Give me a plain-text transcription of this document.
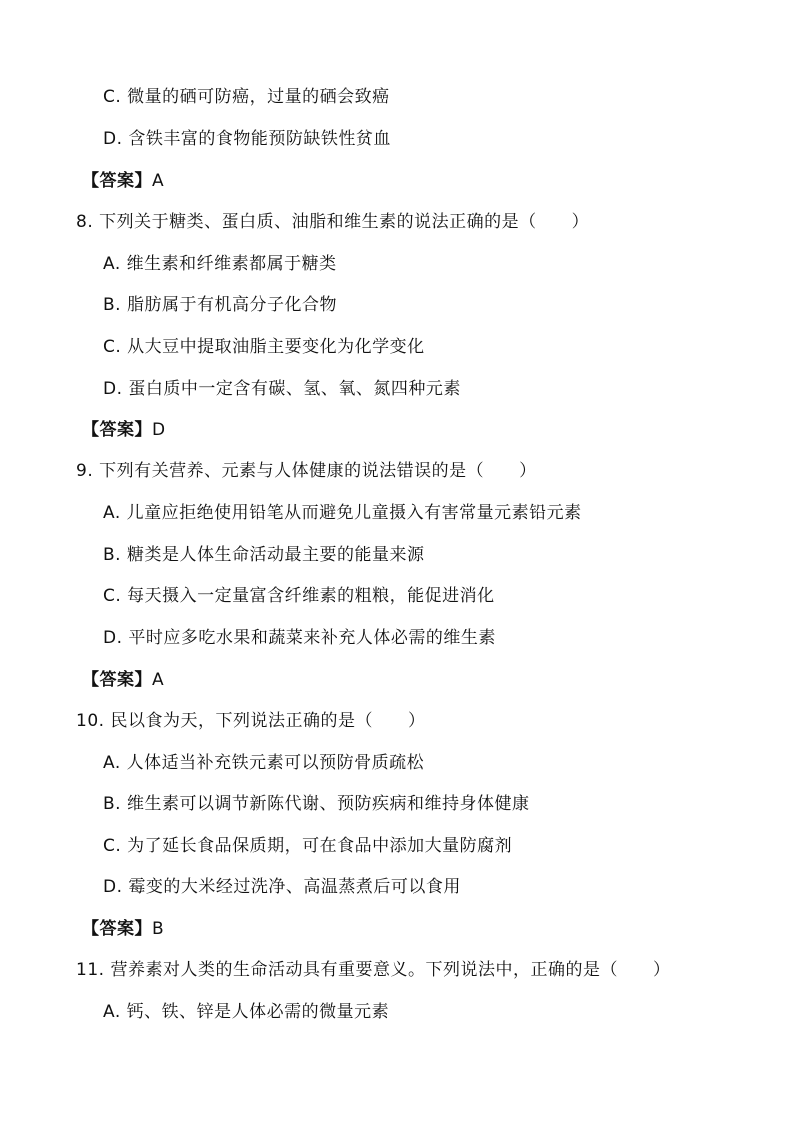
C. 微量的硒可防癌，过量的硒会致癌
D. 含铁丰富的食物能预防缺铁性贫血
【答案】A
8. 下列关于糖类、蛋白质、油脂和维生素的说法正确的是（　　）
A. 维生素和纤维素都属于糖类
B. 脂肪属于有机高分子化合物
C. 从大豆中提取油脂主要变化为化学变化
D. 蛋白质中一定含有碳、氢、氧、氮四种元素
【答案】D
9. 下列有关营养、元素与人体健康的说法错误的是（　　）
A. 儿童应拒绝使用铅笔从而避免儿童摄入有害常量元素铅元素
B. 糖类是人体生命活动最主要的能量来源
C. 每天摄入一定量富含纤维素的粗粮，能促进消化
D. 平时应多吃水果和蔬菜来补充人体必需的维生素
【答案】A
10. 民以食为天，下列说法正确的是（　　）
A. 人体适当补充铁元素可以预防骨质疏松
B. 维生素可以调节新陈代谢、预防疾病和维持身体健康
C. 为了延长食品保质期，可在食品中添加大量防腐剂
D. 霉变的大米经过洗净、高温蒸煮后可以食用
【答案】B
11. 营养素对人类的生命活动具有重要意义。下列说法中，正确的是（　　）
A. 钙、铁、锌是人体必需的微量元素
